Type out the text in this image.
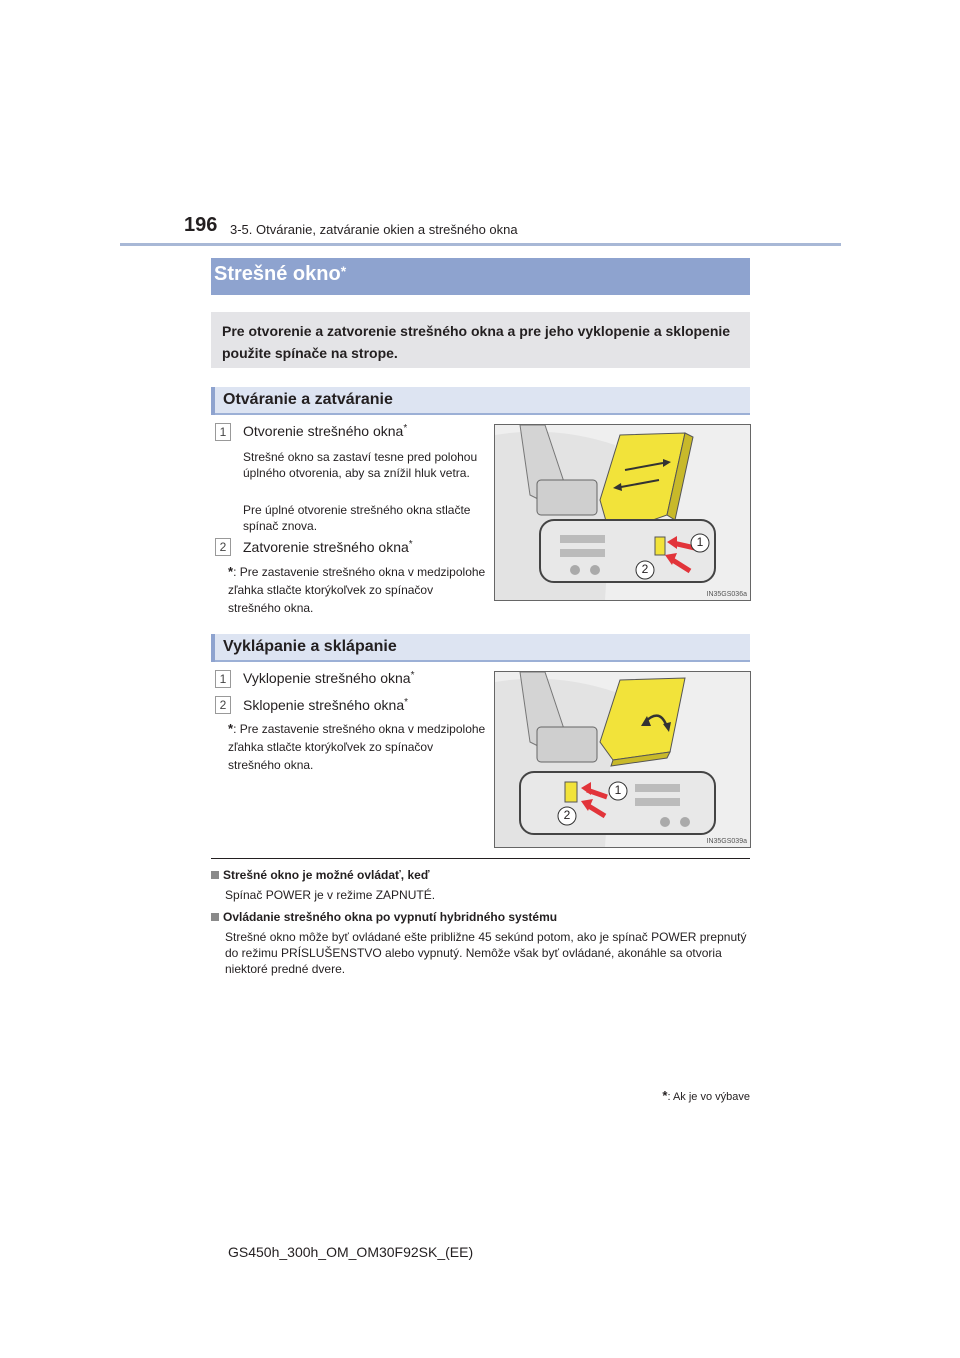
196 3-5. Otváranie, zatváranie okien a strešného okna
Strešné okno*
Pre otvorenie a zatvorenie strešného okna a pre jeho vyklopenie a sklopenie použite spínače na strope.
Otváranie a zatváranie
1	Otvorenie strešného okna*
Strešné okno sa zastaví tesne pred polohou úplného otvorenia, aby sa znížil hluk vetra.
Pre úplné otvorenie strešného okna stlačte spínač znova.
2	Zatvorenie strešného okna*
*: Pre zastavenie strešného okna v medzipolohe zľahka stlačte ktorýkoľvek zo spínačov strešného okna.
1
2
IN35GS036a
Vyklápanie a sklápanie
1	Vyklopenie strešného okna*
2	Sklopenie strešného okna*
*: Pre zastavenie strešného okna v medzipolohe zľahka stlačte ktorýkoľvek zo spínačov strešného okna.
1
2
IN35GS039a
Strešné okno je možné ovládať, keď
Spínač POWER je v režime ZAPNUTÉ.
Ovládanie strešného okna po vypnutí hybridného systému
Strešné okno môže byť ovládané ešte približne 45 sekúnd potom, ako je spínač POWER prepnutý do režimu PRÍSLUŠENSTVO alebo vypnutý. Nemôže však byť ovládané, akonáhle sa otvoria niektoré predné dvere.
*: Ak je vo výbave
GS450h_300h_OM_OM30F92SK_(EE)
